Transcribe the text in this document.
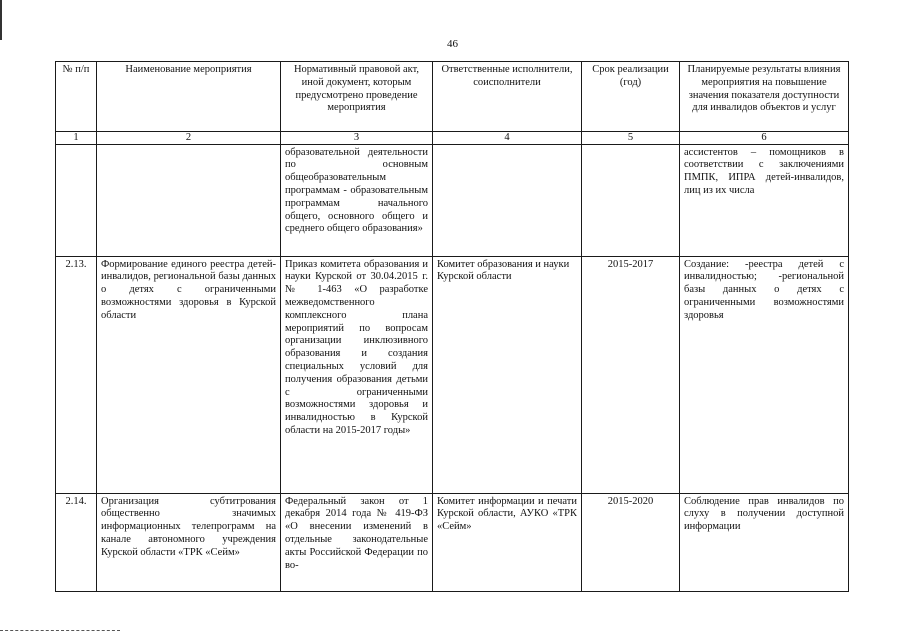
46
№ п/п	Наименование мероприятия	Нормативный правовой акт, иной документ, которым предусмотрено проведение мероприятия	Ответственные исполнители, соисполнители	Срок реализации (год)	Планируемые результаты влияния мероприятия на повышение значения показателя доступности для инвалидов объектов и услуг
1	2	3	4	5	6
		образовательной деятельности по основным общеобразовательным программам - образовательным программам начального общего, основного общего и среднего общего образования»			ассистентов – помощников в соответствии с заключениями ПМПК, ИПРА детей-инвалидов, лиц из их числа
2.13.	Формирование единого реестра детей-инвалидов, региональной базы данных о детях с ограниченными возможностями здоровья в Курской области	Приказ комитета образования и науки Курской от 30.04.2015 г. № 1-463 «О разработке межведомственного комплексного плана мероприятий по вопросам организации инклюзивного образования и создания специальных условий для получения образования детьми с ограниченными возможностями здоровья и инвалидностью в Курской области на 2015-2017 годы»	Комитет образования и науки Курской области	2015-2017	Создание: -реестра детей с инвалидностью; -региональной базы данных о детях с ограниченными возможностями здоровья
2.14.	Организация субтитрования общественно значимых информационных телепрограмм на канале автономного учреждения Курской области «ТРК «Сейм»	Федеральный закон от 1 декабря 2014 года № 419-ФЗ «О внесении изменений в отдельные законодательные акты Российской Федерации по во-	Комитет информации и печати Курской области, АУКО «ТРК «Сейм»	2015-2020	Соблюдение прав инвалидов по слуху в получении доступной информации
